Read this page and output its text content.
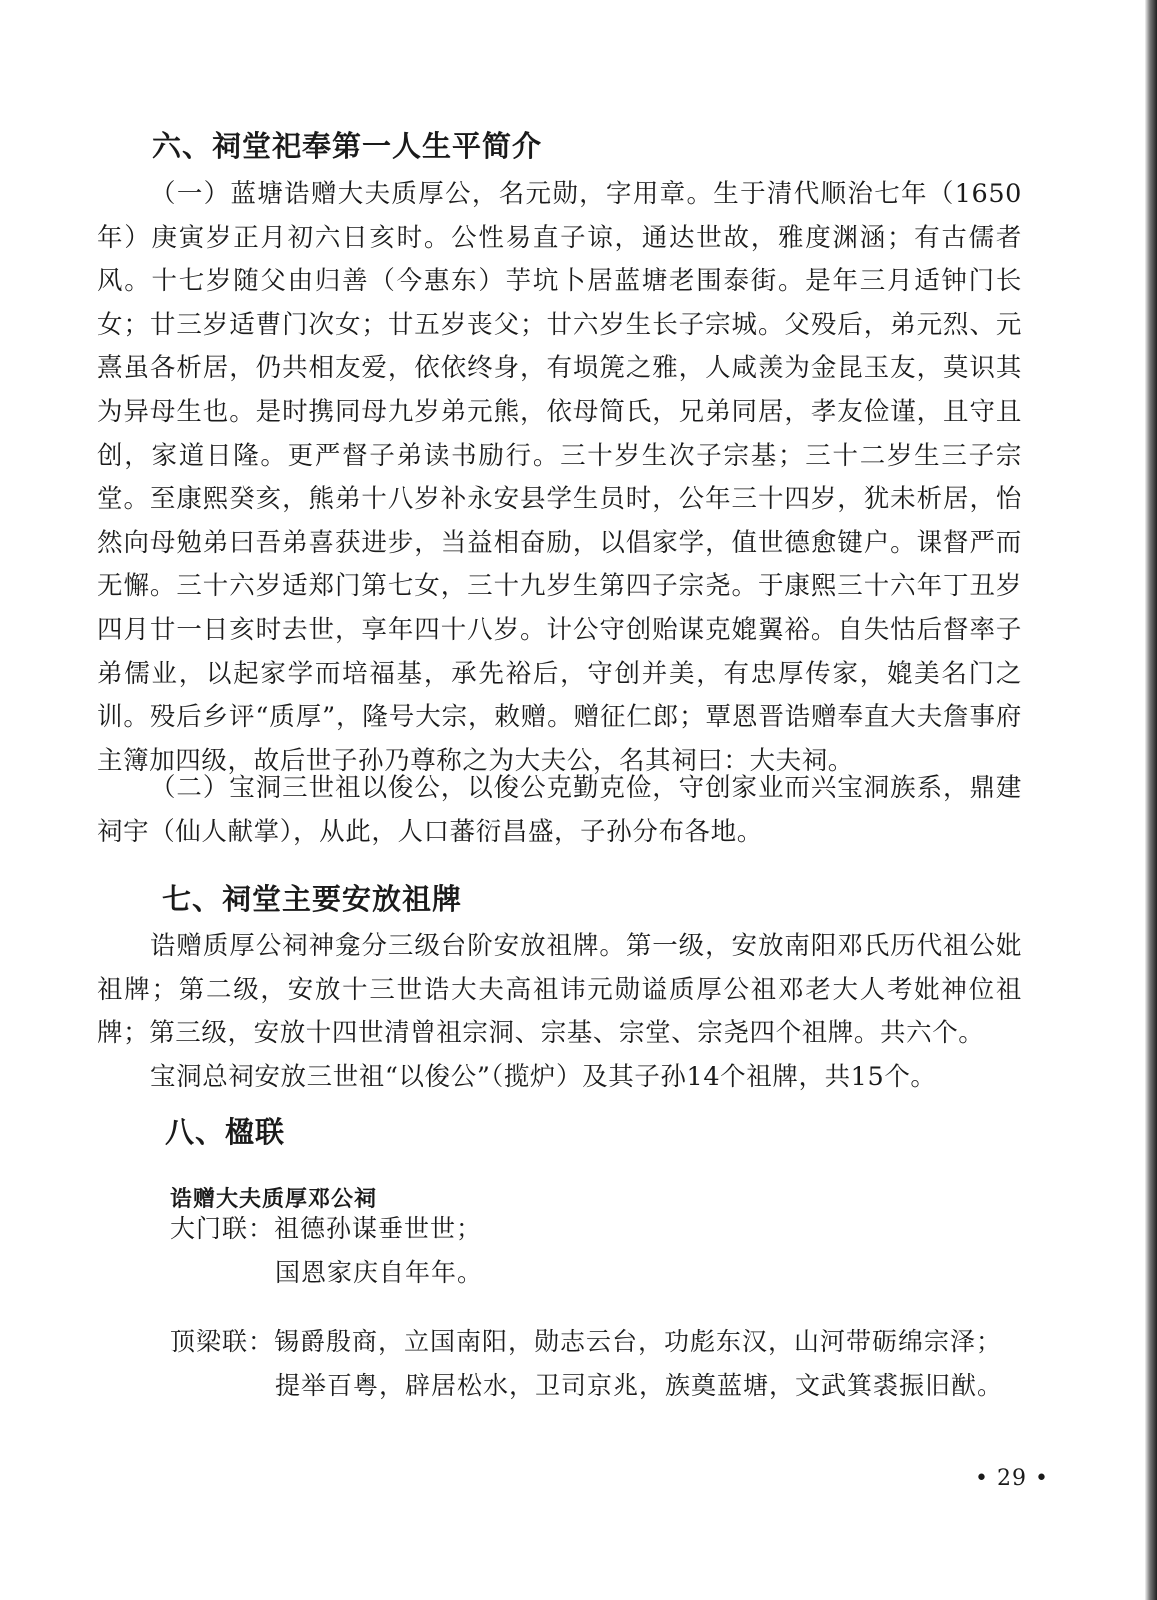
六、祠堂祀奉第一人生平简介

（一）蓝塘诰赠大夫质厚公，名元勋，字用章。生于清代顺治七年（1650年）庚寅岁正月初六日亥时。公性易直子谅，通达世故，雅度渊涵；有古儒者风。十七岁随父由归善（今惠东）芋坑卜居蓝塘老围泰街。是年三月适钟门长女；廿三岁适曹门次女；廿五岁丧父；廿六岁生长子宗城。父殁后，弟元烈、元熹虽各析居，仍共相友爱，依依终身，有埙箎之雅，人咸羡为金昆玉友，莫识其为异母生也。是时携同母九岁弟元熊，依母简氏，兄弟同居，孝友俭谨，且守且创，家道日隆。更严督子弟读书励行。三十岁生次子宗基；三十二岁生三子宗堂。至康熙癸亥，熊弟十八岁补永安县学生员时，公年三十四岁，犹未析居，怡然向母勉弟曰吾弟喜获进步，当益相奋励，以倡家学，值世德愈键户。课督严而无懈。三十六岁适郑门第七女，三十九岁生第四子宗尧。于康熙三十六年丁丑岁四月廿一日亥时去世，享年四十八岁。计公守创贻谋克媲翼裕。自失怙后督率子弟儒业，以起家学而培福基，承先裕后，守创并美，有忠厚传家，媲美名门之训。殁后乡评“质厚”，隆号大宗，敕赠。赠征仁郎；覃恩晋诰赠奉直大夫詹事府主簿加四级，故后世子孙乃尊称之为大夫公，名其祠曰：大夫祠。

（二）宝洞三世祖以俊公，以俊公克勤克俭，守创家业而兴宝洞族系，鼎建祠宇（仙人献掌），从此，人口蕃衍昌盛，子孙分布各地。

七、祠堂主要安放祖牌

诰赠质厚公祠神龛分三级台阶安放祖牌。第一级，安放南阳邓氏历代祖公妣祖牌；第二级，安放十三世诰大夫高祖讳元勋谥质厚公祖邓老大人考妣神位祖牌；第三级，安放十四世清曾祖宗洞、宗基、宗堂、宗尧四个祖牌。共六个。

宝洞总祠安放三世祖“以俊公”（揽炉）及其子孙14个祖牌，共15个。

八、楹联

诰赠大夫质厚邓公祠

大门联：祖德孙谋垂世世；
国恩家庆自年年。
顶梁联：锡爵殷商，立国南阳，勋志云台，功彪东汉，山河带砺绵宗泽；
提举百粤，辟居松水，卫司京兆，族奠蓝塘，文武箕裘振旧猷。
• 29 •
